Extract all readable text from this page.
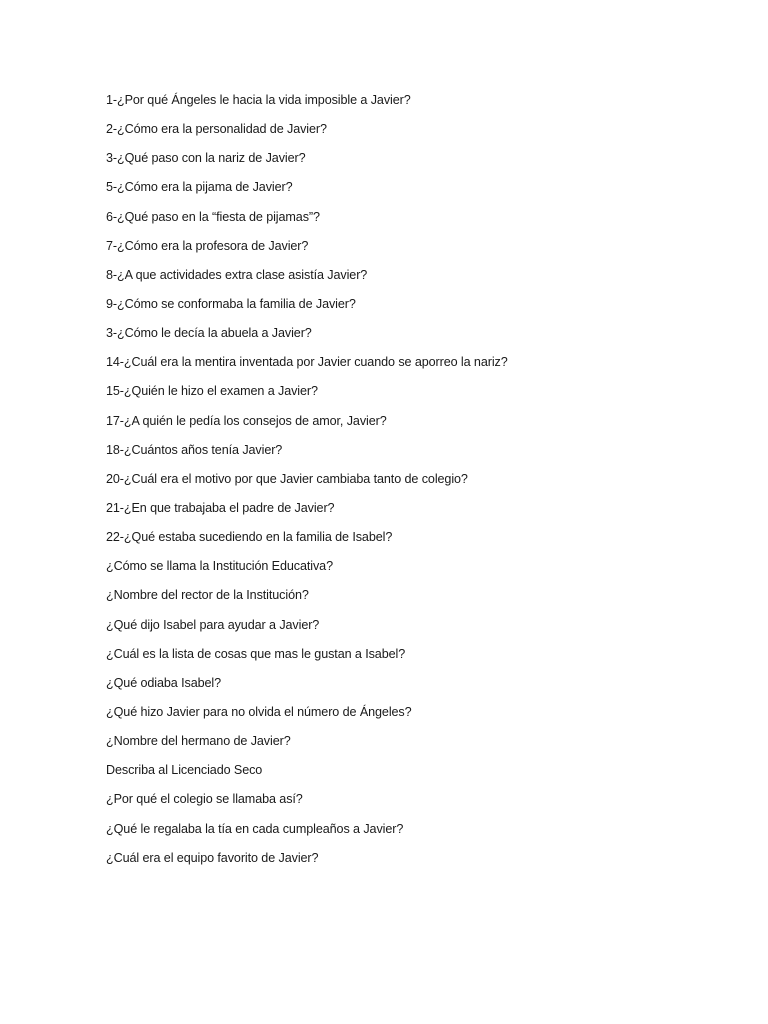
1-¿Por qué Ángeles le hacia la vida imposible a Javier?
2-¿Cómo era la personalidad de Javier?
3-¿Qué paso con la nariz de Javier?
5-¿Cómo era la pijama de Javier?
6-¿Qué paso en la “fiesta de pijamas”?
7-¿Cómo era la profesora de Javier?
8-¿A que actividades extra clase asistía Javier?
9-¿Cómo se conformaba la familia de Javier?
3-¿Cómo le decía la abuela a Javier?
14-¿Cuál era la mentira inventada por Javier cuando se aporreo la nariz?
15-¿Quién le hizo el examen a Javier?
17-¿A quién le pedía los consejos de amor, Javier?
18-¿Cuántos años tenía Javier?
20-¿Cuál era el motivo por que Javier cambiaba tanto de colegio?
21-¿En que trabajaba el padre de Javier?
22-¿Qué estaba sucediendo en la familia de Isabel?
¿Cómo se llama la Institución Educativa?
¿Nombre del rector de la Institución?
¿Qué dijo Isabel para ayudar a Javier?
¿Cuál es la lista de cosas que mas le gustan a Isabel?
¿Qué odiaba Isabel?
¿Qué hizo Javier para no olvida el número de Ángeles?
¿Nombre del hermano de Javier?
Describa al Licenciado Seco
¿Por qué el colegio se llamaba así?
¿Qué le regalaba la tía en cada cumpleaños a Javier?
¿Cuál era el equipo favorito de Javier?
